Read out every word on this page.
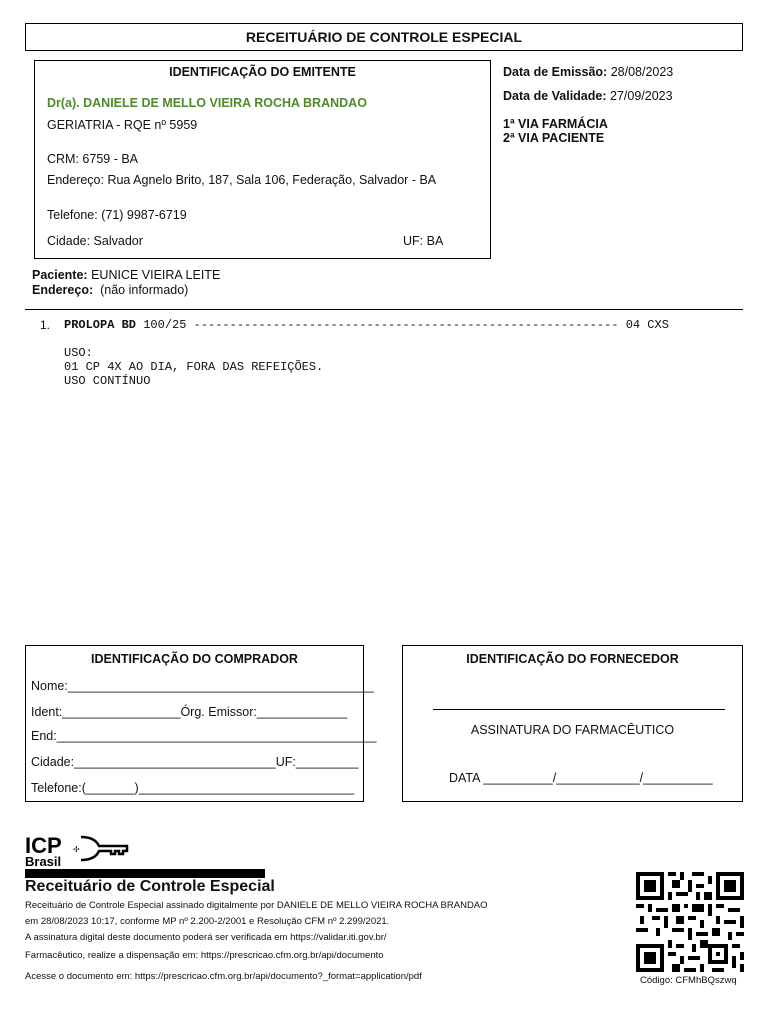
RECEITUÁRIO DE CONTROLE ESPECIAL
IDENTIFICAÇÃO DO EMITENTE
Dr(a). DANIELE DE MELLO VIEIRA ROCHA BRANDAO
GERIATRIA - RQE nº 5959
CRM: 6759 - BA
Endereço: Rua Agnelo Brito, 187, Sala 106, Federação, Salvador - BA
Telefone: (71) 9987-6719
Cidade: Salvador	UF: BA
Data de Emissão: 28/08/2023
Data de Validade: 27/09/2023
1ª VIA FARMÁCIA
2ª VIA PACIENTE
Paciente: EUNICE VIEIRA LEITE
Endereço: (não informado)
1. PROLOPA BD 100/25 ----------------------------------------------------------- 04 CXS
USO:
01 CP 4X AO DIA, FORA DAS REFEIÇÕES.
USO CONTÍNUO
IDENTIFICAÇÃO DO COMPRADOR
Nome:____________________________________________
Ident:_________________Órg. Emissor:_____________
End:______________________________________________
Cidade:_____________________________UF:_________
Telefone:(_______)_______________________________
IDENTIFICAÇÃO DO FORNECEDOR
ASSINATURA DO FARMACÊUTICO
DATA __________/____________/__________
ICP
Brasil
✢
Receituário de Controle Especial
Receituário de Controle Especial assinado digitalmente por DANIELE DE MELLO VIEIRA ROCHA BRANDAO
em 28/08/2023 10:17, conforme MP nº 2.200-2/2001 e Resolução CFM nº 2.299/2021.
A assinatura digital deste documento poderá ser verificada em https://validar.iti.gov.br/
Farmacêutico, realize a dispensação em: https://prescricao.cfm.org.br/api/documento
Acesse o documento em: https://prescricao.cfm.org.br/api/documento?_format=application/pdf	Código: CFMhBQszwq
